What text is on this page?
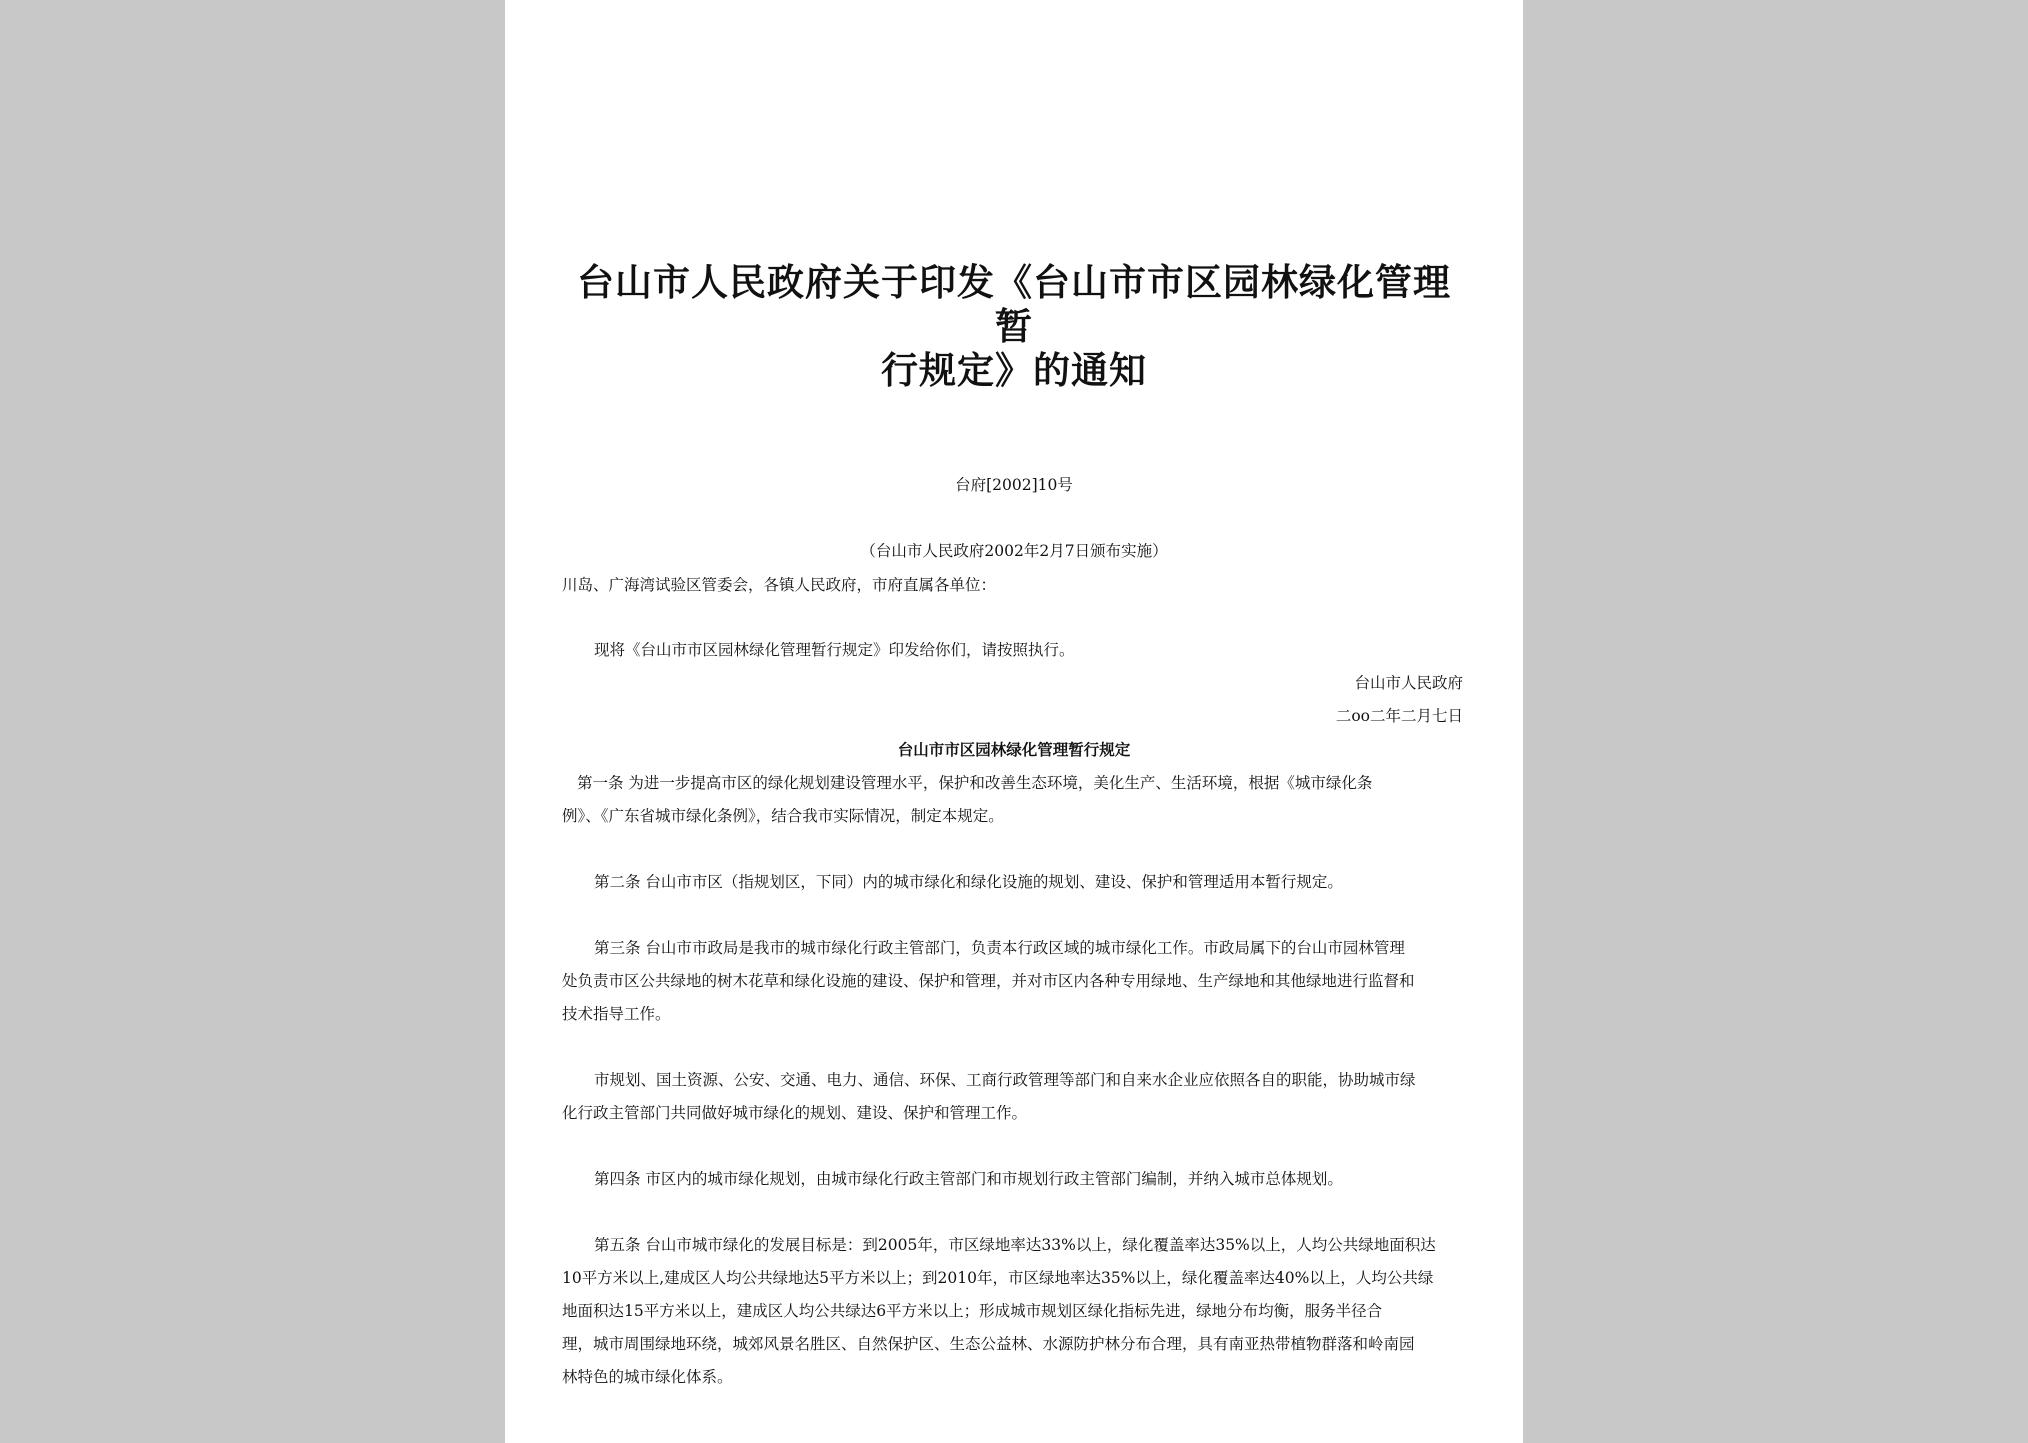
台山市人民政府关于印发《台山市市区园林绿化管理暂
行规定》的通知
台府[2002]10号
（台山市人民政府2002年2月7日颁布实施）
川岛、广海湾试验区管委会，各镇人民政府，市府直属各单位：
现将《台山市市区园林绿化管理暂行规定》印发给你们，请按照执行。
台山市人民政府
二oo二年二月七日
台山市市区园林绿化管理暂行规定
第一条 为进一步提高市区的绿化规划建设管理水平，保护和改善生态环境，美化生产、生活环境，根据《城市绿化条
例》、《广东省城市绿化条例》，结合我市实际情况，制定本规定。
第二条 台山市市区（指规划区，下同）内的城市绿化和绿化设施的规划、建设、保护和管理适用本暂行规定。
第三条 台山市市政局是我市的城市绿化行政主管部门，负责本行政区域的城市绿化工作。市政局属下的台山市园林管理
处负责市区公共绿地的树木花草和绿化设施的建设、保护和管理，并对市区内各种专用绿地、生产绿地和其他绿地进行监督和
技术指导工作。
市规划、国土资源、公安、交通、电力、通信、环保、工商行政管理等部门和自来水企业应依照各自的职能，协助城市绿
化行政主管部门共同做好城市绿化的规划、建设、保护和管理工作。
第四条 市区内的城市绿化规划，由城市绿化行政主管部门和市规划行政主管部门编制，并纳入城市总体规划。
第五条 台山市城市绿化的发展目标是：到2005年，市区绿地率达33%以上，绿化覆盖率达35%以上，人均公共绿地面积达
10平方米以上,建成区人均公共绿地达5平方米以上；到2010年，市区绿地率达35%以上，绿化覆盖率达40%以上，人均公共绿
地面积达15平方米以上，建成区人均公共绿达6平方米以上；形成城市规划区绿化指标先进，绿地分布均衡，服务半径合
理，城市周围绿地环绕，城郊风景名胜区、自然保护区、生态公益林、水源防护林分布合理，具有南亚热带植物群落和岭南园
林特色的城市绿化体系。
